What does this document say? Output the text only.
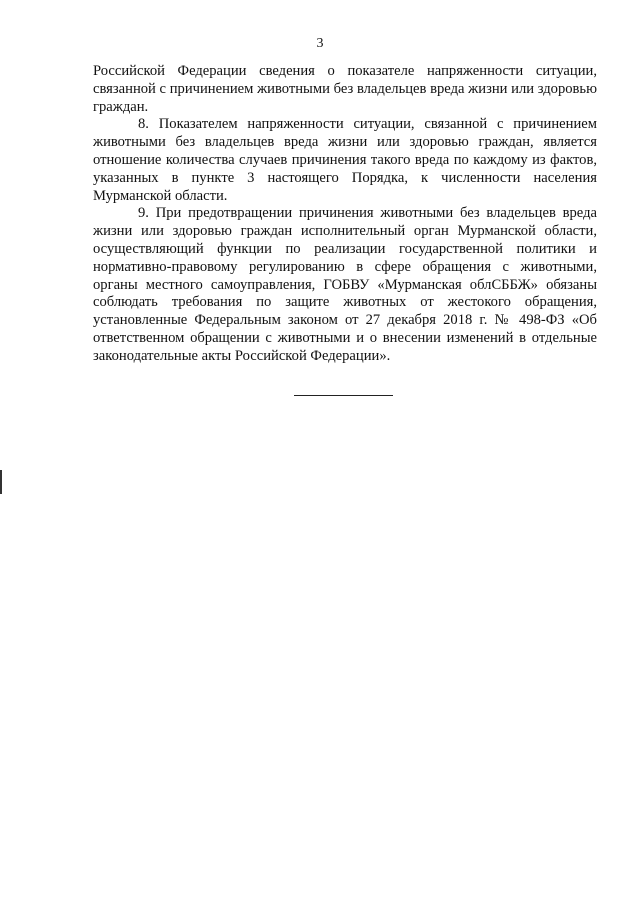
3

Российской Федерации сведения о показателе напряженности ситуации, связанной с причинением животными без владельцев вреда жизни или здоровью граждан.

8. Показателем напряженности ситуации, связанной с причинением животными без владельцев вреда жизни или здоровью граждан, является отношение количества случаев причинения такого вреда по каждому из фактов, указанных в пункте 3 настоящего Порядка, к численности населения Мурманской области.

9. При предотвращении причинения животными без владельцев вреда жизни или здоровью граждан исполнительный орган Мурманской области, осуществляющий функции по реализации государственной политики и нормативно-правовому регулированию в сфере обращения с животными, органы местного самоуправления, ГОБВУ «Мурманская облСББЖ» обязаны соблюдать требования по защите животных от жестокого обращения, установленные Федеральным законом от 27 декабря 2018 г. № 498-ФЗ «Об ответственном обращении с животными и о внесении изменений в отдельные законодательные акты Российской Федерации».
